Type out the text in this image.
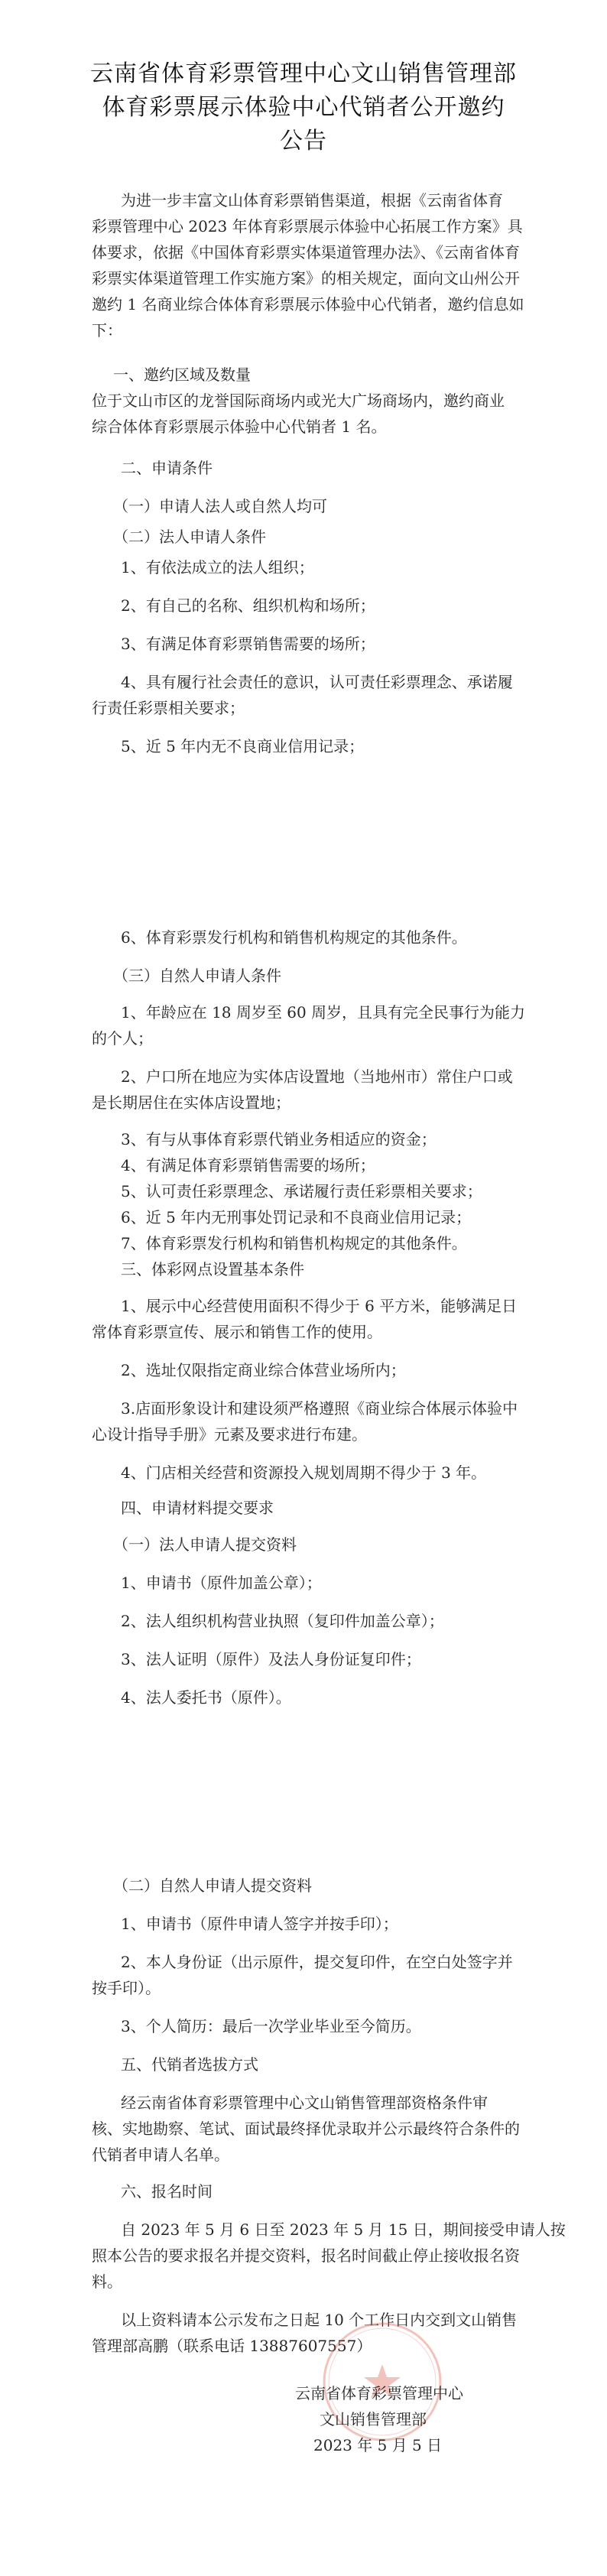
云南省体育彩票管理中心文山销售管理部
体育彩票展示体验中心代销者公开邀约
公告
为进一步丰富文山体育彩票销售渠道，根据《云南省体育
彩票管理中心 2023 年体育彩票展示体验中心拓展工作方案》具
体要求，依据《中国体育彩票实体渠道管理办法》、《云南省体育
彩票实体渠道管理工作实施方案》的相关规定，面向文山州公开
邀约 1 名商业综合体体育彩票展示体验中心代销者，邀约信息如
下：
一、邀约区域及数量
位于文山市区的龙誉国际商场内或光大广场商场内，邀约商业
综合体体育彩票展示体验中心代销者 1 名。
二、申请条件
（一）申请人法人或自然人均可
（二）法人申请人条件
1、有依法成立的法人组织；
2、有自己的名称、组织机构和场所；
3、有满足体育彩票销售需要的场所；
4、具有履行社会责任的意识，认可责任彩票理念、承诺履
行责任彩票相关要求；
5、近 5 年内无不良商业信用记录；
6、体育彩票发行机构和销售机构规定的其他条件。
（三）自然人申请人条件
1、年龄应在 18 周岁至 60 周岁，且具有完全民事行为能力
的个人；
2、户口所在地应为实体店设置地（当地州市）常住户口或
是长期居住在实体店设置地；
3、有与从事体育彩票代销业务相适应的资金；
4、有满足体育彩票销售需要的场所；
5、认可责任彩票理念、承诺履行责任彩票相关要求；
6、近 5 年内无刑事处罚记录和不良商业信用记录；
7、体育彩票发行机构和销售机构规定的其他条件。
三、体彩网点设置基本条件
1、展示中心经营使用面积不得少于 6 平方米，能够满足日
常体育彩票宣传、展示和销售工作的使用。
2、选址仅限指定商业综合体营业场所内；
3.店面形象设计和建设须严格遵照《商业综合体展示体验中
心设计指导手册》元素及要求进行布建。
4、门店相关经营和资源投入规划周期不得少于 3 年。
四、申请材料提交要求
（一）法人申请人提交资料
1、申请书（原件加盖公章）；
2、法人组织机构营业执照（复印件加盖公章）；
3、法人证明（原件）及法人身份证复印件；
4、法人委托书（原件）。
（二）自然人申请人提交资料
1、申请书（原件申请人签字并按手印）；
2、本人身份证（出示原件，提交复印件，在空白处签字并
按手印）。
3、个人简历：最后一次学业毕业至今简历。
五、代销者选拔方式
经云南省体育彩票管理中心文山销售管理部资格条件审
核、实地勘察、笔试、面试最终择优录取并公示最终符合条件的
代销者申请人名单。
六、报名时间
自 2023 年 5 月 6 日至 2023 年 5 月 15 日，期间接受申请人按
照本公告的要求报名并提交资料，报名时间截止停止接收报名资
料。
以上资料请本公示发布之日起 10 个工作日内交到文山销售
管理部高鹏（联系电话 13887607557）
云南省体育彩票管理中心
文山销售管理部
2023 年 5 月 5 日
